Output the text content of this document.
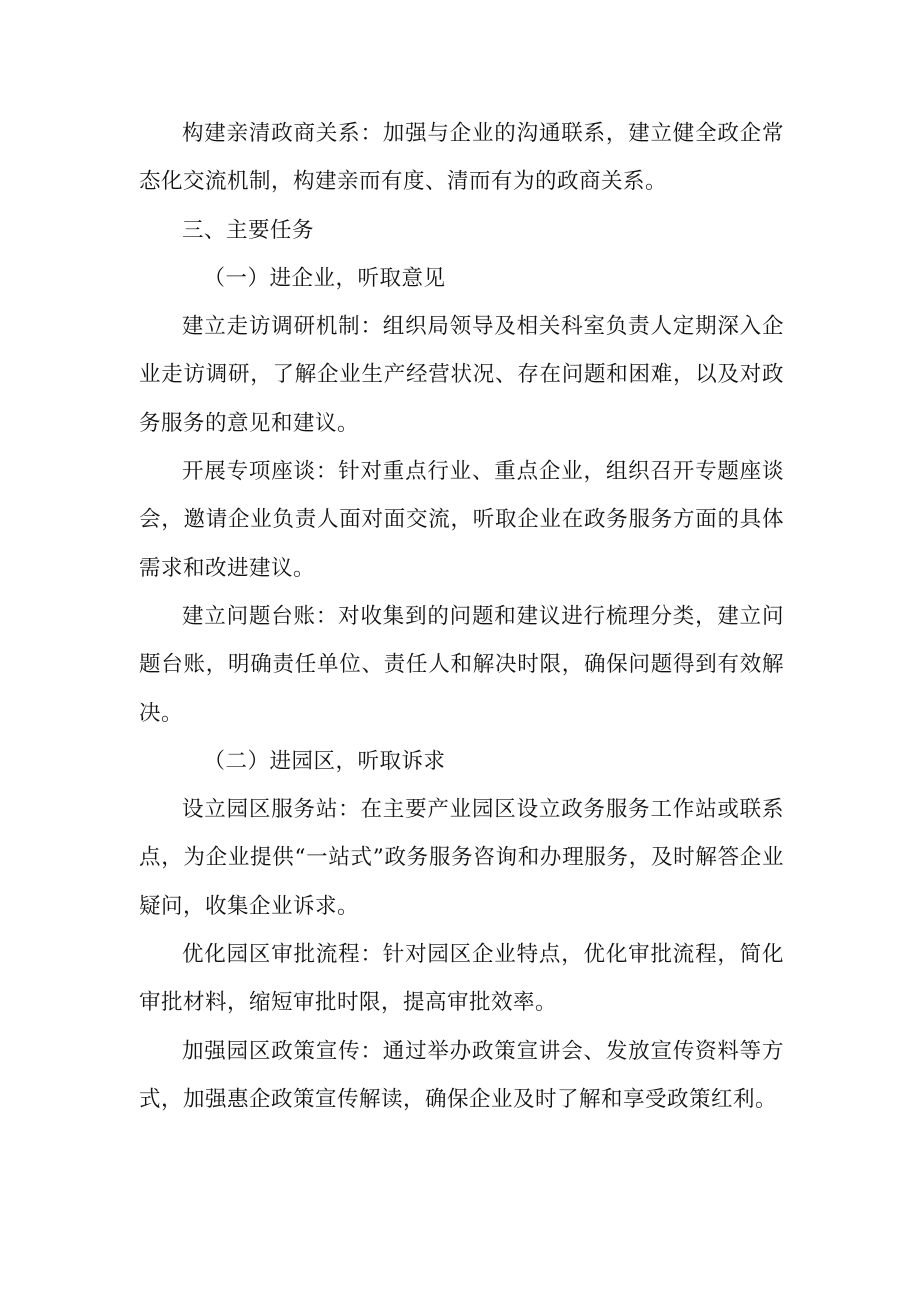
构建亲清政商关系：加强与企业的沟通联系，建立健全政企常态化交流机制，构建亲而有度、清而有为的政商关系。

三、主要任务

（一）进企业，听取意见

建立走访调研机制：组织局领导及相关科室负责人定期深入企业走访调研，了解企业生产经营状况、存在问题和困难，以及对政务服务的意见和建议。

开展专项座谈：针对重点行业、重点企业，组织召开专题座谈会，邀请企业负责人面对面交流，听取企业在政务服务方面的具体需求和改进建议。

建立问题台账：对收集到的问题和建议进行梳理分类，建立问题台账，明确责任单位、责任人和解决时限，确保问题得到有效解决。

（二）进园区，听取诉求

设立园区服务站：在主要产业园区设立政务服务工作站或联系点，为企业提供“一站式”政务服务咨询和办理服务，及时解答企业疑问，收集企业诉求。

优化园区审批流程：针对园区企业特点，优化审批流程，简化审批材料，缩短审批时限，提高审批效率。

加强园区政策宣传：通过举办政策宣讲会、发放宣传资料等方式，加强惠企政策宣传解读，确保企业及时了解和享受政策红利。
